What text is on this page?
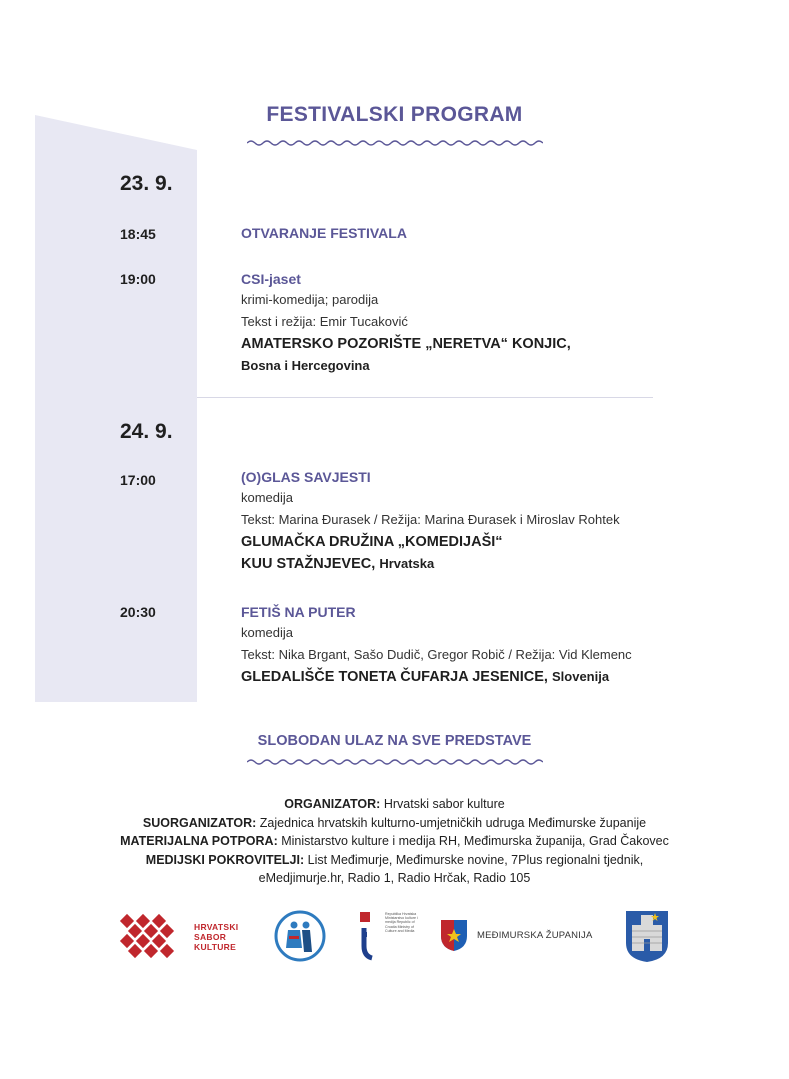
FESTIVALSKI PROGRAM
23. 9.
18:45	OTVARANJE FESTIVALA
19:00	CSI-jaset
krimi-komedija; parodija
Tekst i režija: Emir Tucaković
AMATERSKO POZORIŠTE „NERETVA“ KONJIC,
Bosna i Hercegovina
24. 9.
17:00	(O)GLAS SAVJESTI
komedija
Tekst: Marina Đurasek / Režija: Marina Đurasek i Miroslav Rohtek
GLUMAČKA DRUŽINA „KOMEDIJAŠI“
KUU STAŽNJEVEC, Hrvatska
20:30	FETIŠ NA PUTER
komedija
Tekst: Nika Brgant, Sašo Dudič, Gregor Robič / Režija: Vid Klemenc
GLEDALIŠČE TONETA ČUFARJA JESENICE, Slovenija
SLOBODAN ULAZ NA SVE PREDSTAVE
ORGANIZATOR: Hrvatski sabor kulture
SUORGANIZATOR: Zajednica hrvatskih kulturno-umjetničkih udruga Međimurske županije
MATERIJALNA POTPORA: Ministarstvo kulture i medija RH, Međimurska županija, Grad Čakovec
MEDIJSKI POKROVITELJI: List Međimurje, Međimurske novine, 7Plus regionalni tjednik,
eMedjimurje.hr, Radio 1, Radio Hrčak, Radio 105
HRVATSKI
SABOR
KULTURE
Republika Hrvatska Ministarstvo kulture i medija Republic of Croatia Ministry of Culture and Media	MEĐIMURSKA ŽUPANIJA
